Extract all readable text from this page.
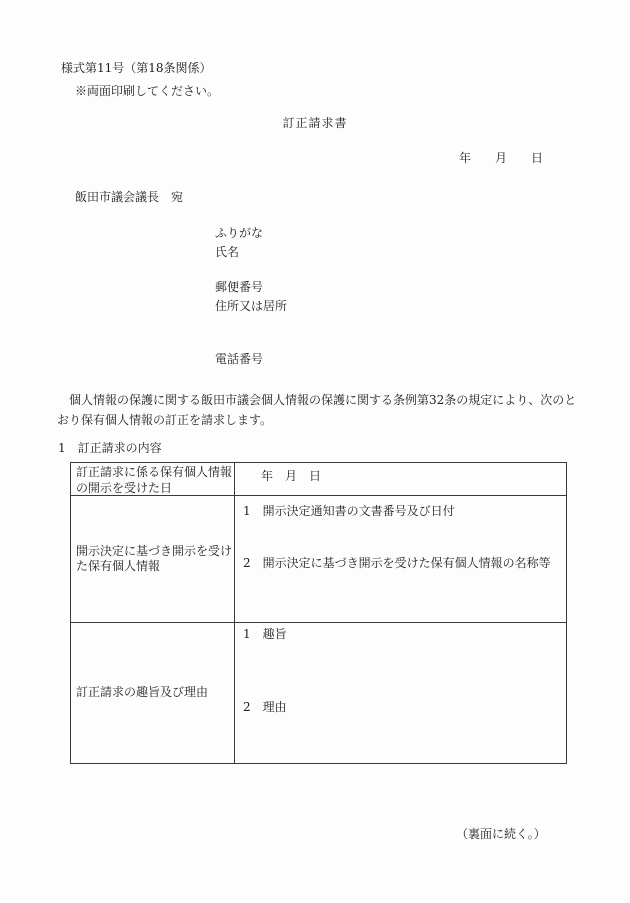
様式第11号（第18条関係）
※両面印刷してください。
訂正請求書
年　　月　　日
飯田市議会議長　宛
ふりがな
氏名
郵便番号
住所又は居所
電話番号
　個人情報の保護に関する飯田市議会個人情報の保護に関する条例第32条の規定により、次のと
おり保有個人情報の訂正を請求します。
1　訂正請求の内容
訂正請求に係る保有個人情報の開示を受けた日
年　月　日
開示決定に基づき開示を受けた保有個人情報
1　開示決定通知書の文書番号及び日付
2　開示決定に基づき開示を受けた保有個人情報の名称等
訂正請求の趣旨及び理由
1　趣旨
2　理由
（裏面に続く。）
